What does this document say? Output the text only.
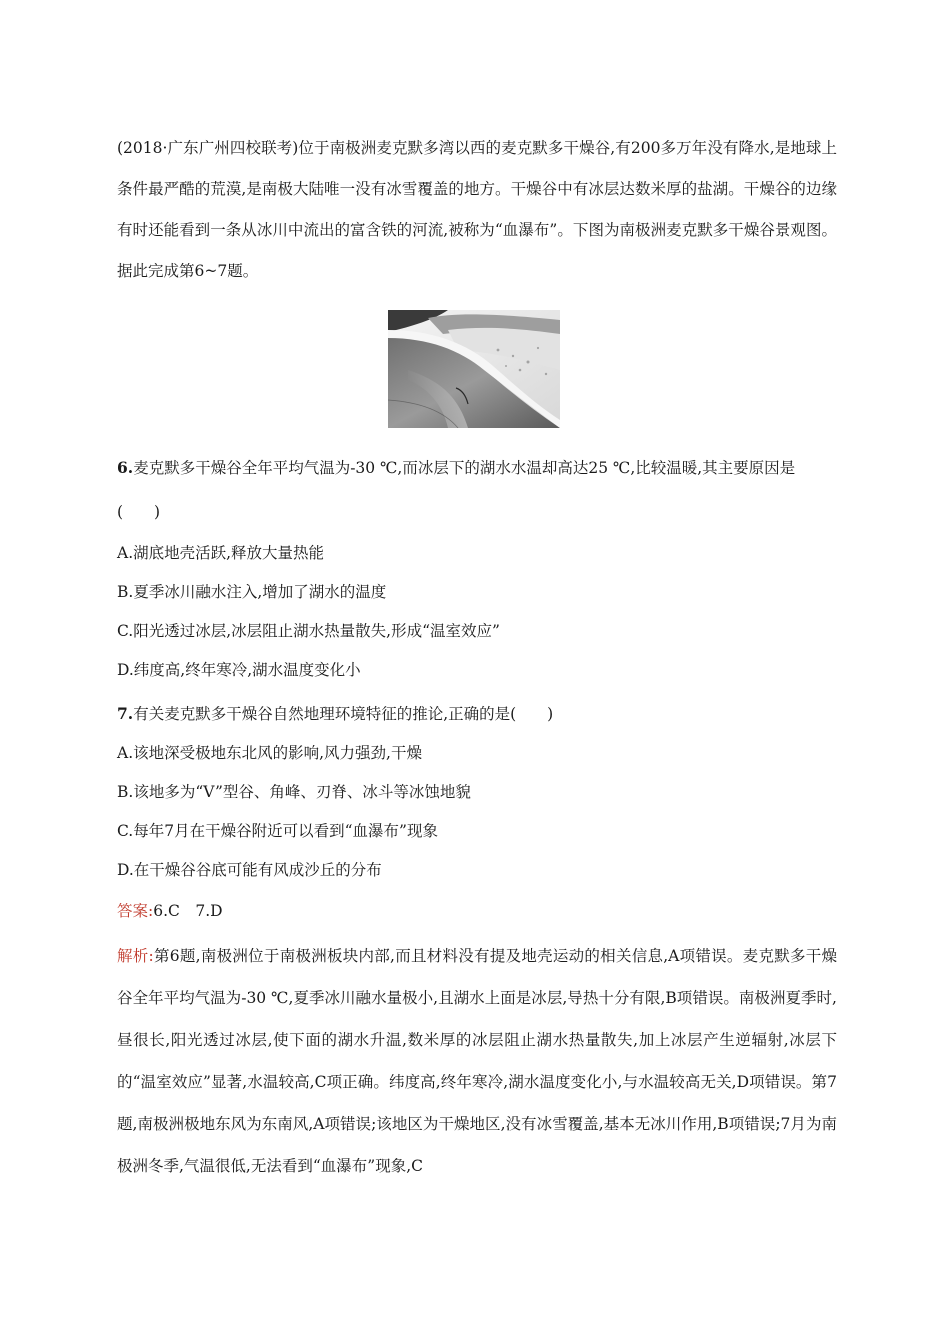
(2018·广东广州四校联考)位于南极洲麦克默多湾以西的麦克默多干燥谷,有200多万年没有降水,是地球上条件最严酷的荒漠,是南极大陆唯一没有冰雪覆盖的地方。干燥谷中有冰层达数米厚的盐湖。干燥谷的边缘有时还能看到一条从冰川中流出的富含铁的河流,被称为“血瀑布”。下图为南极洲麦克默多干燥谷景观图。据此完成第6~7题。

6.麦克默多干燥谷全年平均气温为-30 ℃,而冰层下的湖水水温却高达25 ℃,比较温暖,其主要原因是(　　)
A.湖底地壳活跃,释放大量热能
B.夏季冰川融水注入,增加了湖水的温度
C.阳光透过冰层,冰层阻止湖水热量散失,形成“温室效应”
D.纬度高,终年寒冷,湖水温度变化小
7.有关麦克默多干燥谷自然地理环境特征的推论,正确的是(　　)
A.该地深受极地东北风的影响,风力强劲,干燥
B.该地多为“V”型谷、角峰、刃脊、冰斗等冰蚀地貌
C.每年7月在干燥谷附近可以看到“血瀑布”现象
D.在干燥谷谷底可能有风成沙丘的分布
答案:6.C　7.D

解析:第6题,南极洲位于南极洲板块内部,而且材料没有提及地壳运动的相关信息,A项错误。麦克默多干燥谷全年平均气温为-30 ℃,夏季冰川融水量极小,且湖水上面是冰层,导热十分有限,B项错误。南极洲夏季时,昼很长,阳光透过冰层,使下面的湖水升温,数米厚的冰层阻止湖水热量散失,加上冰层产生逆辐射,冰层下的“温室效应”显著,水温较高,C项正确。纬度高,终年寒冷,湖水温度变化小,与水温较高无关,D项错误。第7题,南极洲极地东风为东南风,A项错误;该地区为干燥地区,没有冰雪覆盖,基本无冰川作用,B项错误;7月为南极洲冬季,气温很低,无法看到“血瀑布”现象,C
